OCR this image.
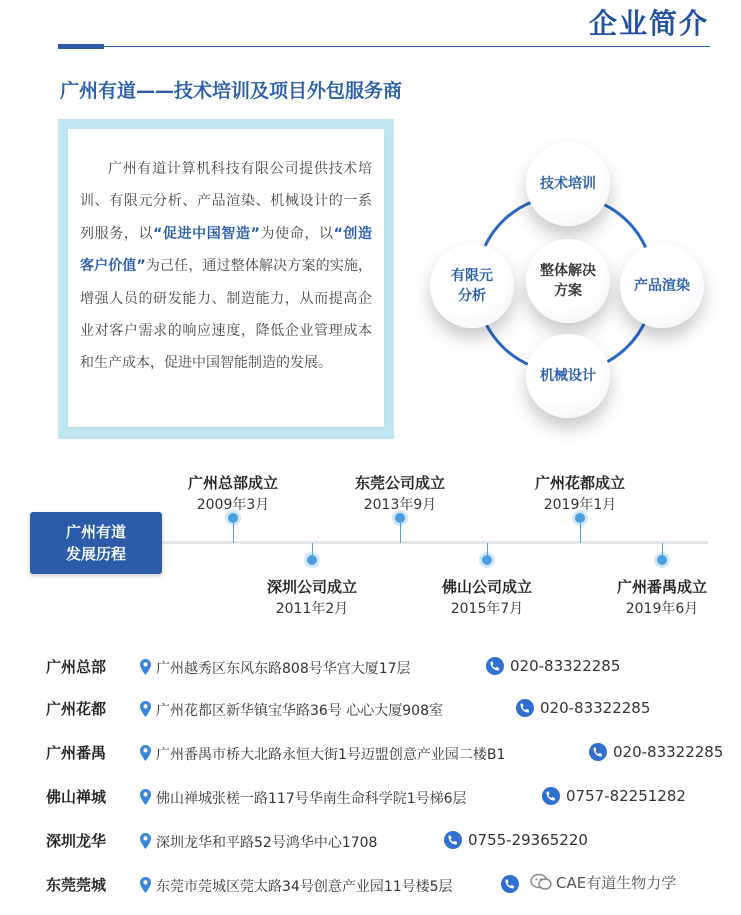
企业简介
广州有道——技术培训及项目外包服务商
广州有道计算机科技有限公司提供技术培训、有限元分析、产品渲染、机械设计的一系列服务，以“促进中国智造”为使命，以“创造客户价值”为己任，通过整体解决方案的实施，增强人员的研发能力、制造能力，从而提高企业对客户需求的响应速度，降低企业管理成本和生产成本，促进中国智能制造的发展。
技术培训
有限元
分析
整体解决
方案	产品渲染
机械设计
广州有道
发展历程
广州总部成立
2009年3月
深圳公司成立
2011年2月
东莞公司成立
2013年9月
佛山公司成立
2015年7月
广州花都成立
2019年1月
广州番禺成立
2019年6月
广州总部	广州越秀区东风东路808号华宫大厦17层	020-83322285
广州花都	广州花都区新华镇宝华路36号 心心大厦908室	020-83322285
广州番禺	广州番禺市桥大北路永恒大街1号迈盟创意产业园二楼B1	020-83322285
佛山禅城	佛山禅城张槎一路117号华南生命科学院1号梯6层	0757-82251282
深圳龙华	深圳龙华和平路52号鸿华中心1708	0755-29365220
东莞莞城	东莞市莞城区莞太路34号创意产业园11号楼5层	CAE有道生物力学
